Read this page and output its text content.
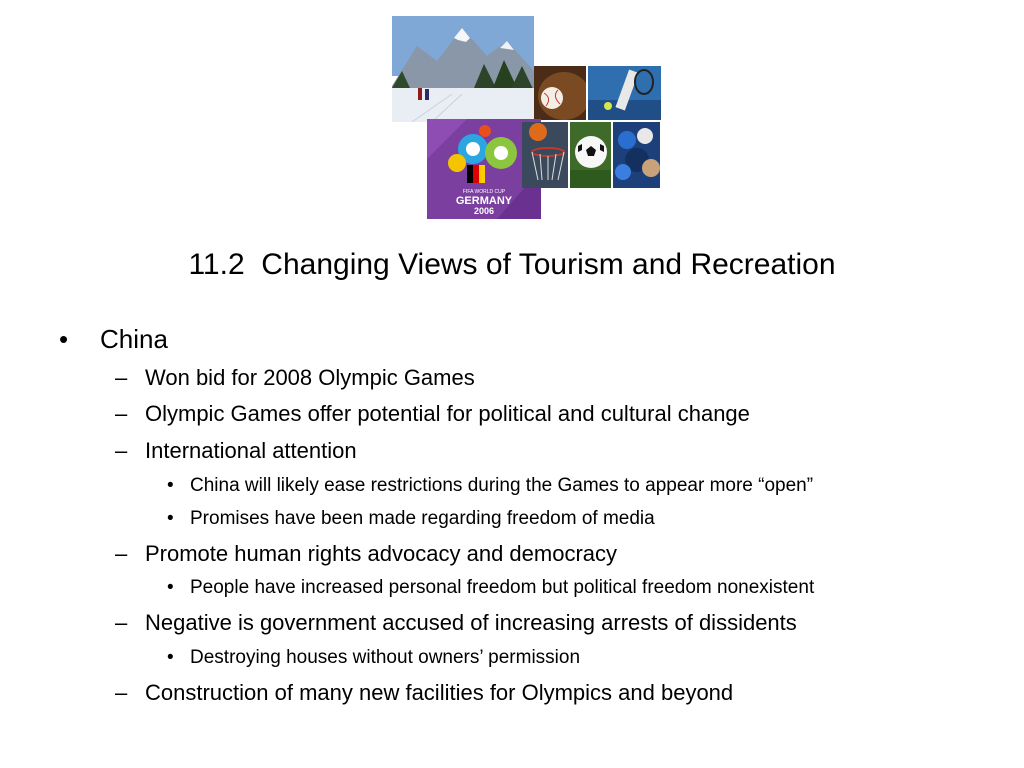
FIFA WORLD CUP
GERMANY
2006
11.2  Changing Views of Tourism and Recreation
• China
– Won bid for 2008 Olympic Games
– Olympic Games offer potential for political and cultural change
– International attention
• China will likely ease restrictions during the Games to appear more “open”
• Promises have been made regarding freedom of media
– Promote human rights advocacy and democracy
• People have increased personal freedom but political freedom nonexistent
– Negative is government accused of increasing arrests of dissidents
• Destroying houses without owners’ permission
– Construction of many new facilities for Olympics and beyond
